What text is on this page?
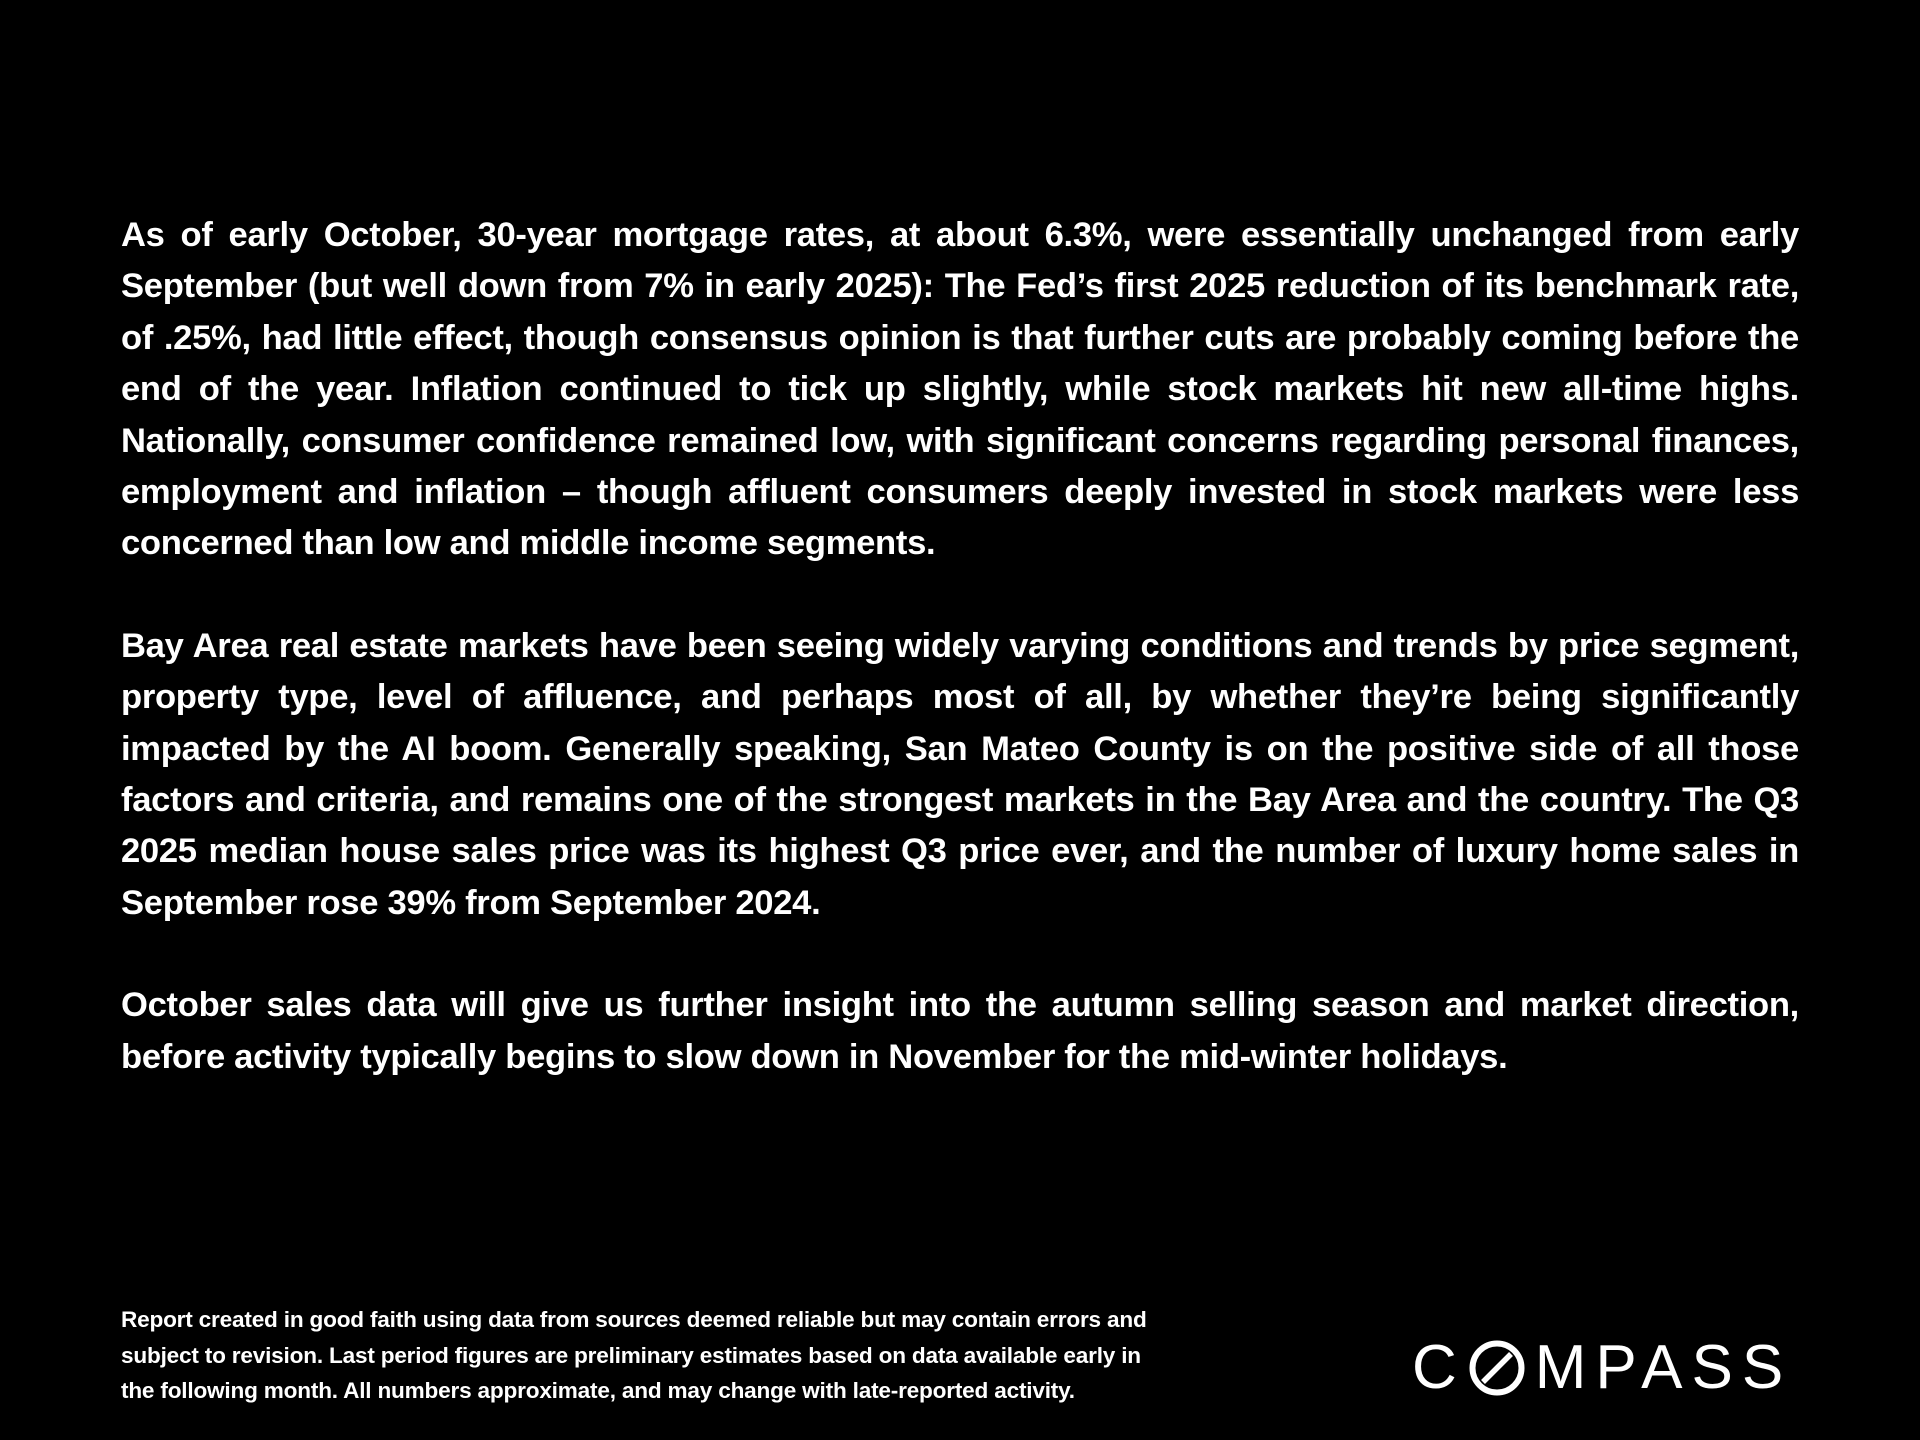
As of early October, 30-year mortgage rates, at about 6.3%, were essentially unchanged from early September (but well down from 7% in early 2025): The Fed’s first 2025 reduction of its benchmark rate, of .25%, had little effect, though consensus opinion is that further cuts are probably coming before the end of the year. Inflation continued to tick up slightly, while stock markets hit new all-time highs. Nationally, consumer confidence remained low, with significant concerns regarding personal finances, employment and inflation – though affluent consumers deeply invested in stock markets were less concerned than low and middle income segments.

Bay Area real estate markets have been seeing widely varying conditions and trends by price segment, property type, level of affluence, and perhaps most of all, by whether they’re being significantly impacted by the AI boom. Generally speaking, San Mateo County is on the positive side of all those factors and criteria, and remains one of the strongest markets in the Bay Area and the country. The Q3 2025 median house sales price was its highest Q3 price ever, and the number of luxury home sales in September rose 39% from September 2024.

October sales data will give us further insight into the autumn selling season and market direction, before activity typically begins to slow down in November for the mid-winter holidays.

Report created in good faith using data from sources deemed reliable but may contain errors and
subject to revision. Last period figures are preliminary estimates based on data available early in
the following month. All numbers approximate, and may change with late-reported activity.	C MPASS
